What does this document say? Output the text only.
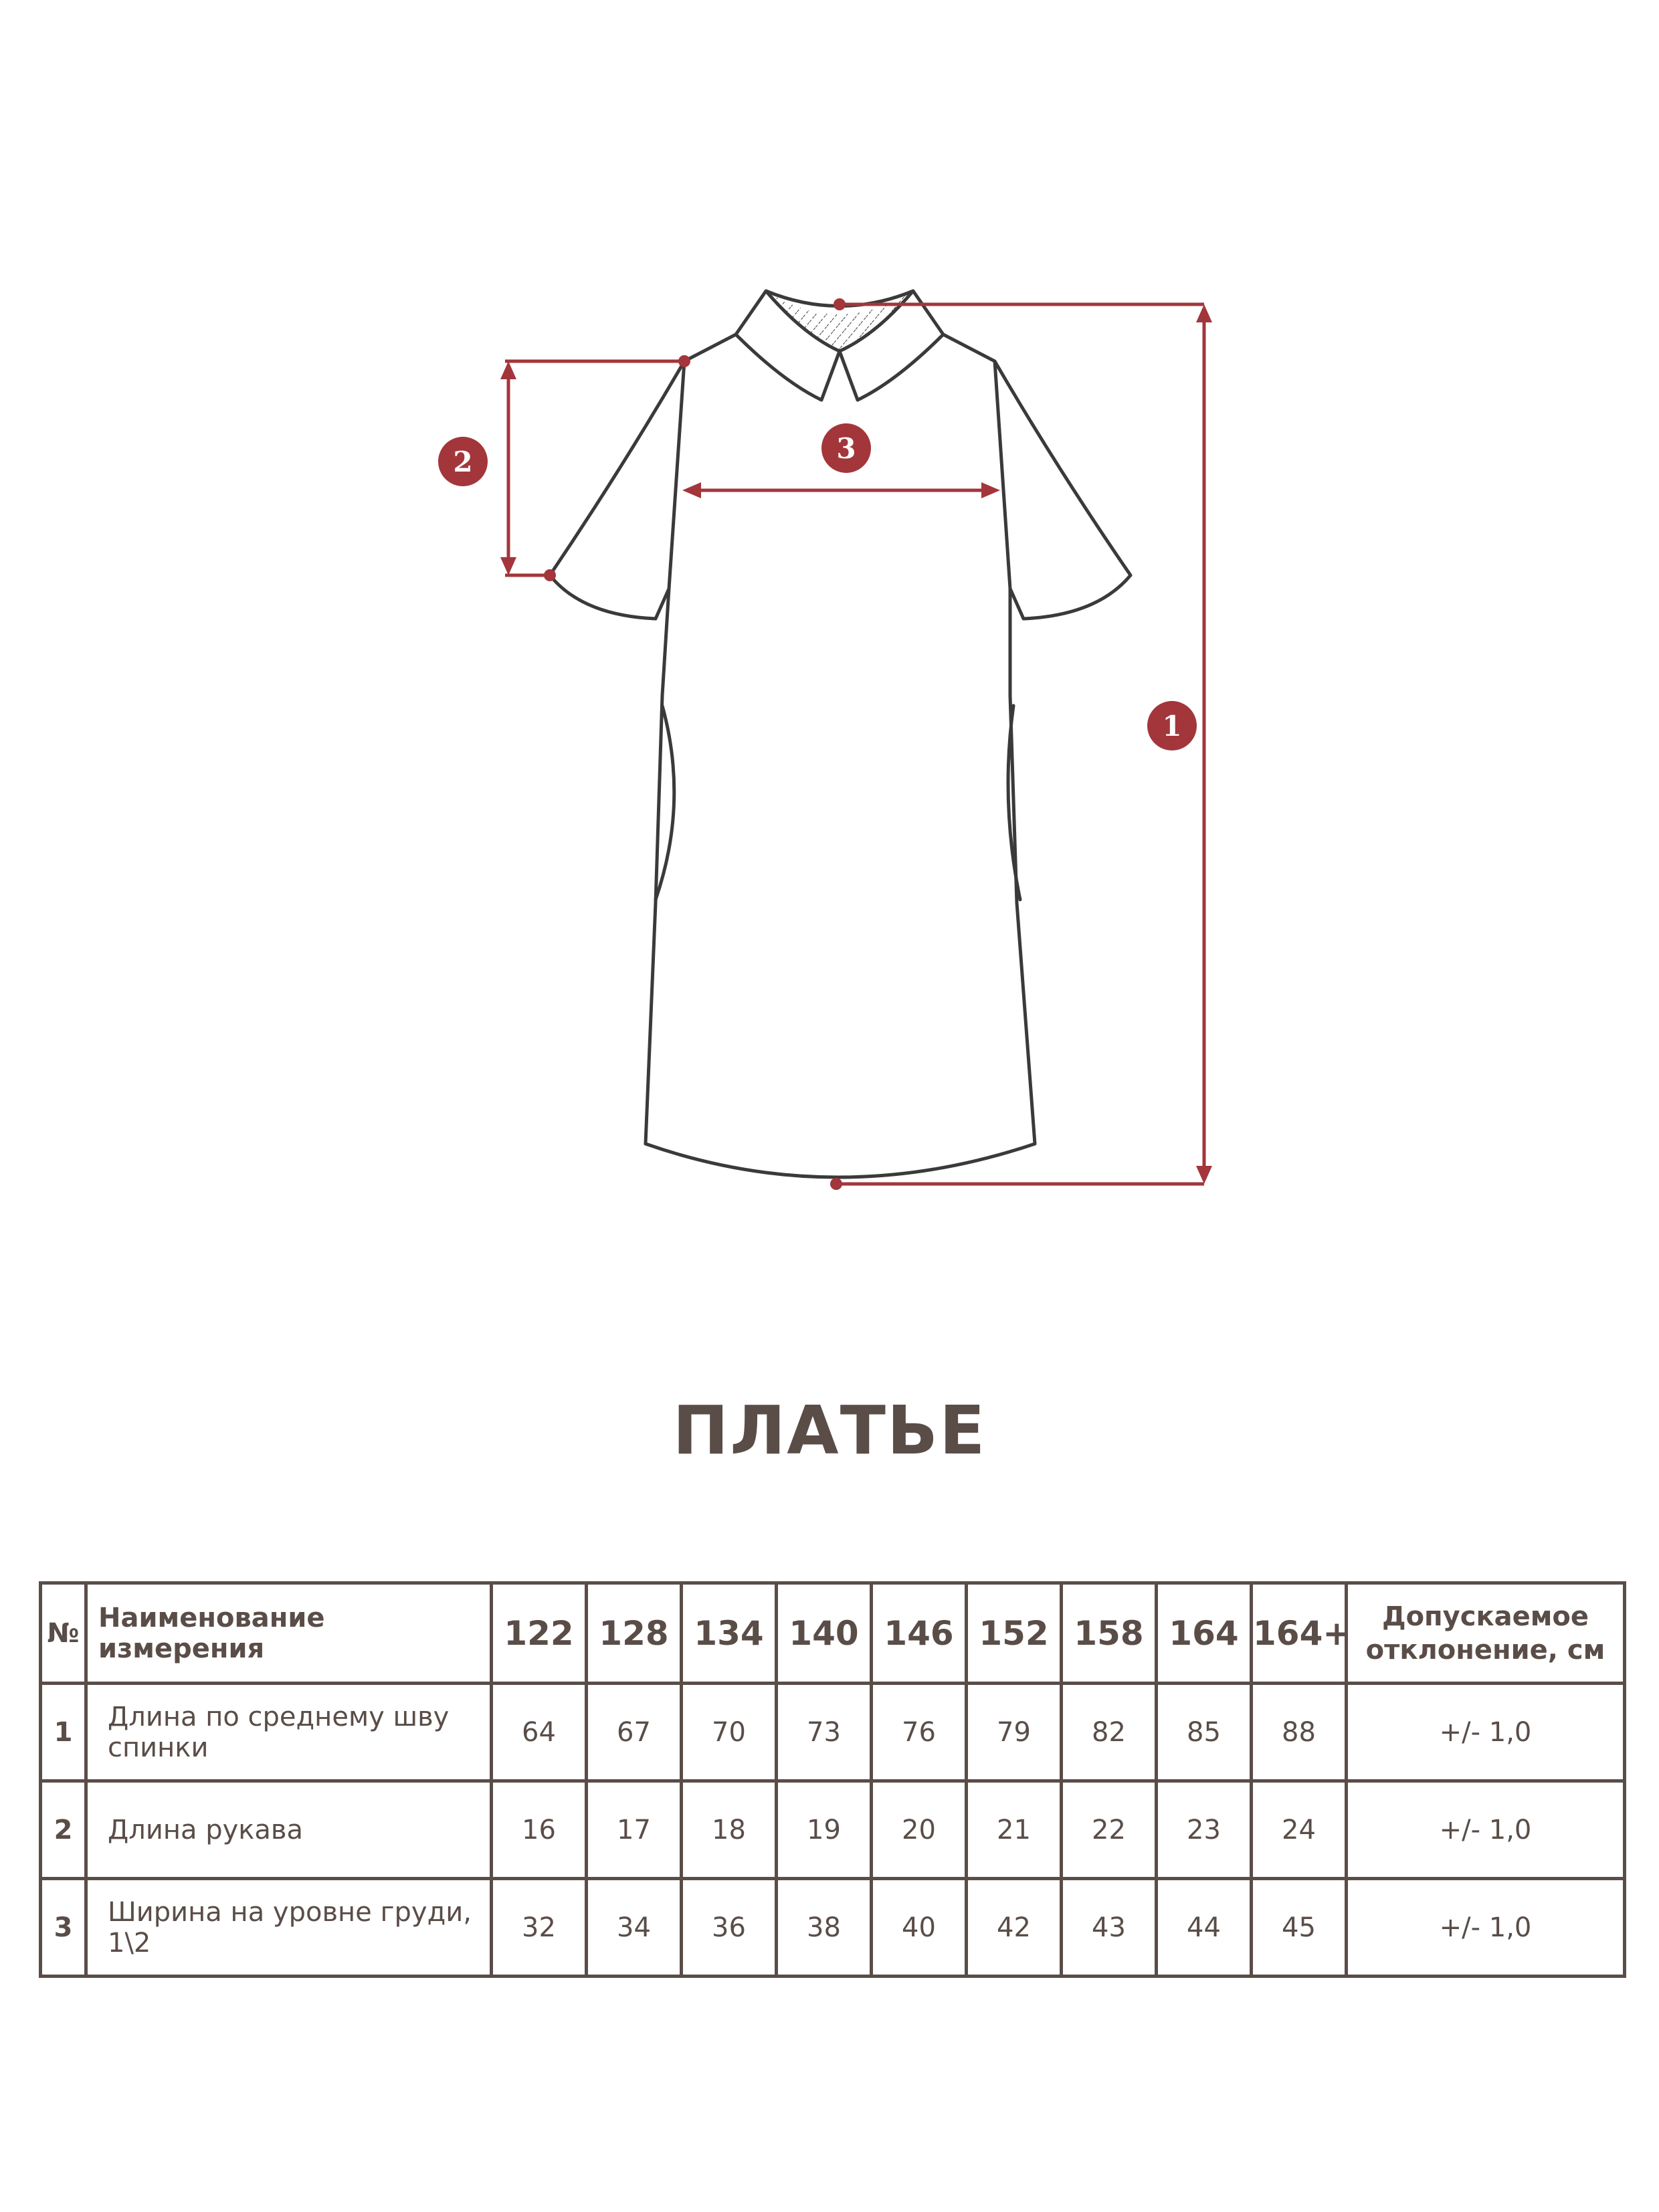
1
2	3
ПЛАТЬЕ
№	Наименование измерения	122	128	134	140	146	152	158	164	164+	Допускаемое отклонение, см
1	Длина по среднему шву спинки	64	67	70	73	76	79	82	85	88	+/- 1,0
2	Длина рукава	16	17	18	19	20	21	22	23	24	+/- 1,0
3	Ширина на уровне груди, 1\2	32	34	36	38	40	42	43	44	45	+/- 1,0
